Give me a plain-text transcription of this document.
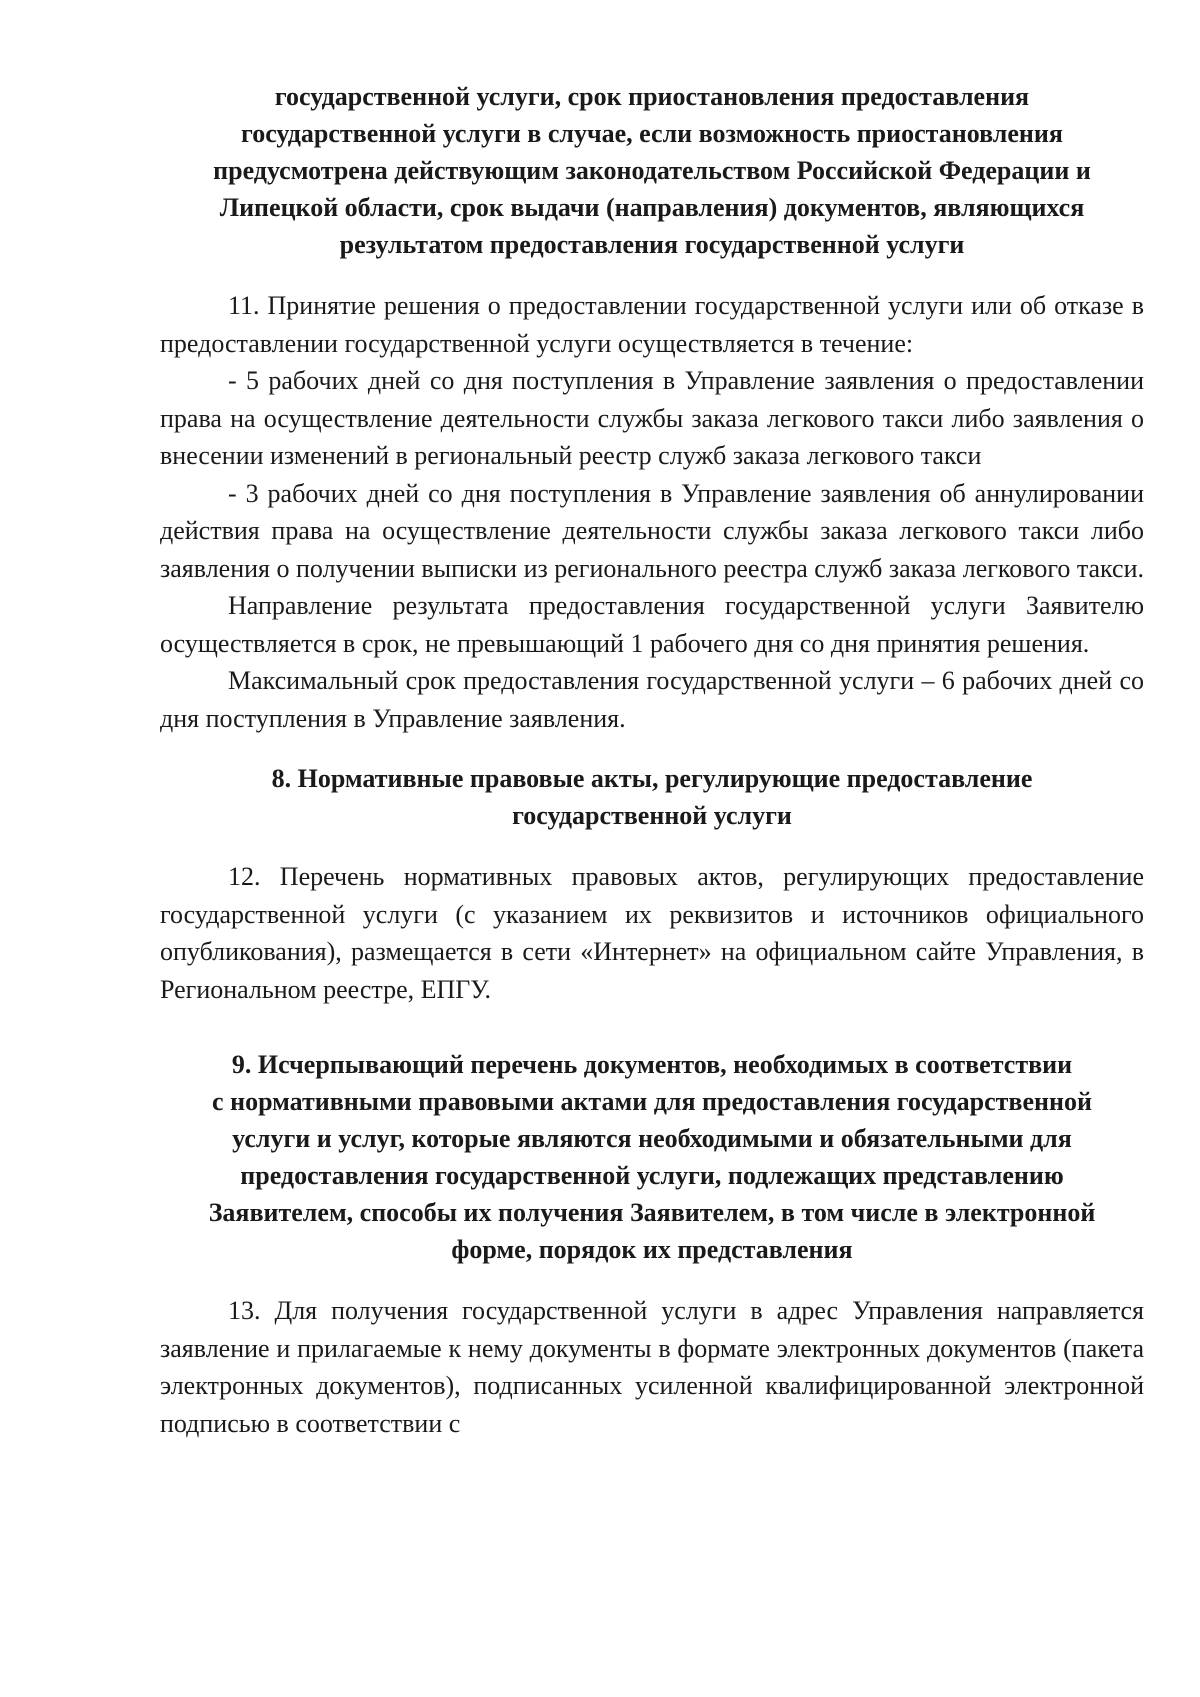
государственной услуги, срок приостановления предоставления
государственной услуги в случае, если возможность приостановления
предусмотрена действующим законодательством Российской Федерации и
Липецкой области, срок выдачи (направления) документов, являющихся
результатом предоставления государственной услуги

11. Принятие решения о предоставлении государственной услуги или об отказе в предоставлении государственной услуги осуществляется в течение:

- 5 рабочих дней со дня поступления в Управление заявления о предоставлении права на осуществление деятельности службы заказа легкового такси либо заявления о внесении изменений в региональный реестр служб заказа легкового такси

- 3 рабочих дней со дня поступления в Управление заявления об аннулировании действия права на осуществление деятельности службы заказа легкового такси либо заявления о получении выписки из регионального реестра служб заказа легкового такси.

Направление результата предоставления государственной услуги Заявителю осуществляется в срок, не превышающий 1 рабочего дня со дня принятия решения.

Максимальный срок предоставления государственной услуги – 6 рабочих дней со дня поступления в Управление заявления.

8. Нормативные правовые акты, регулирующие предоставление
государственной услуги

12. Перечень нормативных правовых актов, регулирующих предоставление государственной услуги (с указанием их реквизитов и источников официального опубликования), размещается в сети «Интернет» на официальном сайте Управления, в Региональном реестре, ЕПГУ.

9. Исчерпывающий перечень документов, необходимых в соответствии
с нормативными правовыми актами для предоставления государственной
услуги и услуг, которые являются необходимыми и обязательными для
предоставления государственной услуги, подлежащих представлению
Заявителем, способы их получения Заявителем, в том числе в электронной
форме, порядок их представления

13. Для получения государственной услуги в адрес Управления направляется заявление и прилагаемые к нему документы в формате электронных документов (пакета электронных документов), подписанных усиленной квалифицированной электронной подписью в соответствии с
